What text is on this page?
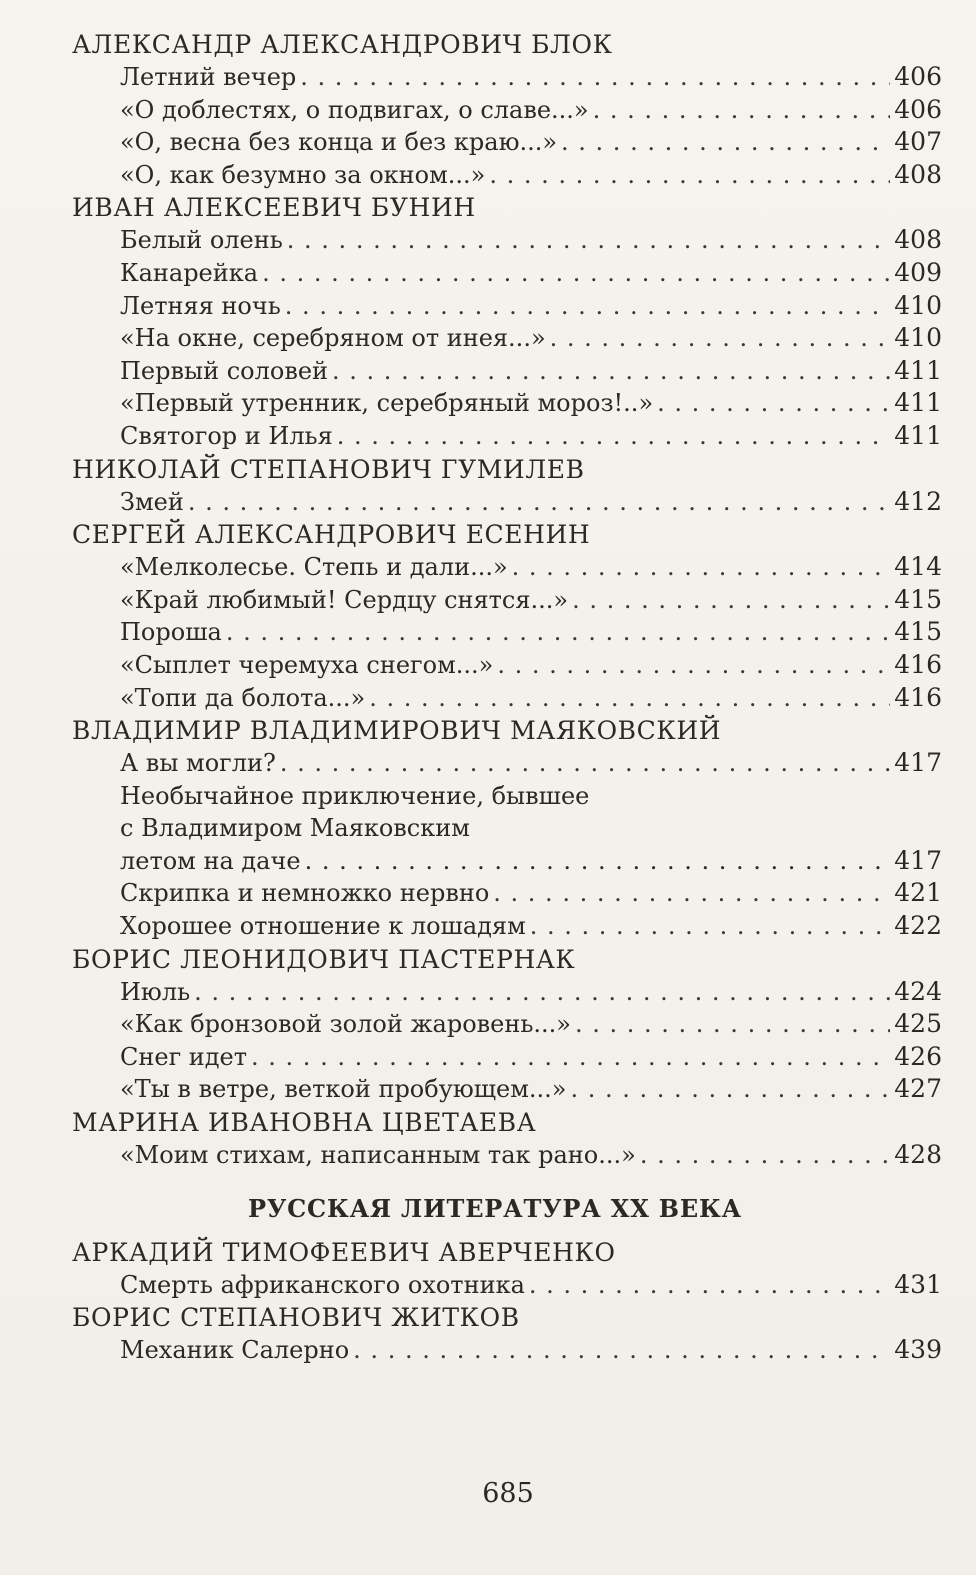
АЛЕКСАНДР АЛЕКСАНДРОВИЧ БЛОК
Летний вечер . . .	406
«О доблестях, о подвигах, о славе...» . . .	406
«О, весна без конца и без краю...» . . .	407
«О, как безумно за окном...» . . .	408
ИВАН АЛЕКСЕЕВИЧ БУНИН
Белый олень . . .	408
Канарейка . . .	409
Летняя ночь . . .	410
«На окне, серебряном от инея...» . . .	410
Первый соловей . . .	411
«Первый утренник, серебряный мороз!..» . . .	411
Святогор и Илья . . .	411
НИКОЛАЙ СТЕПАНОВИЧ ГУМИЛЕВ
Змей . . .	412
СЕРГЕЙ АЛЕКСАНДРОВИЧ ЕСЕНИН
«Мелколесье. Степь и дали...» . . .	414
«Край любимый! Сердцу снятся...» . . .	415
Пороша . . .	415
«Сыплет черемуха снегом...» . . .	416
«Топи да болота...» . . .	416
ВЛАДИМИР ВЛАДИМИРОВИЧ МАЯКОВСКИЙ
А вы могли? . . .	417
Необычайное приключение, бывшее
с Владимиром Маяковским
летом на даче . . .	417
Скрипка и немножко нервно . . .	421
Хорошее отношение к лошадям . . .	422
БОРИС ЛЕОНИДОВИЧ ПАСТЕРНАК
Июль . . .	424
«Как бронзовой золой жаровень...» . . .	425
Снег идет . . .	426
«Ты в ветре, веткой пробующем...» . . .	427
МАРИНА ИВАНОВНА ЦВЕТАЕВА
«Моим стихам, написанным так рано...» . . .	428
РУССКАЯ ЛИТЕРАТУРА XX ВЕКА
АРКАДИЙ ТИМОФЕЕВИЧ АВЕРЧЕНКО
Смерть африканского охотника . . .	431
БОРИС СТЕПАНОВИЧ ЖИТКОВ
Механик Салерно . . .	439
685
